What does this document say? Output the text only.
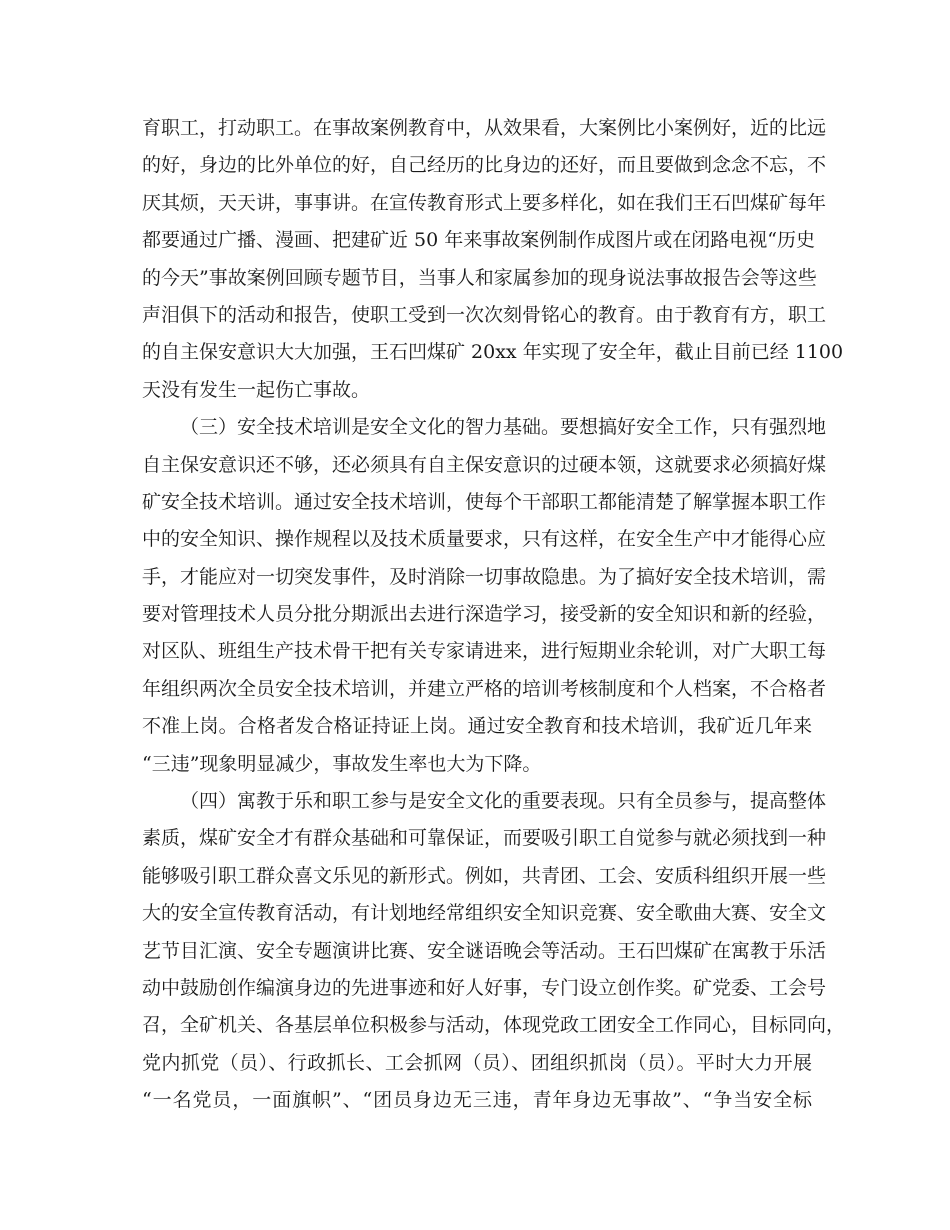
育职工，打动职工。在事故案例教育中，从效果看，大案例比小案例好，近的比远
的好，身边的比外单位的好，自己经历的比身边的还好，而且要做到念念不忘，不
厌其烦，天天讲，事事讲。在宣传教育形式上要多样化，如在我们王石凹煤矿每年
都要通过广播、漫画、把建矿近 50 年来事故案例制作成图片或在闭路电视“历史
的今天”事故案例回顾专题节目，当事人和家属参加的现身说法事故报告会等这些
声泪俱下的活动和报告，使职工受到一次次刻骨铭心的教育。由于教育有方，职工
的自主保安意识大大加强，王石凹煤矿 20xx 年实现了安全年，截止目前已经 1100
天没有发生一起伤亡事故。
（三）安全技术培训是安全文化的智力基础。要想搞好安全工作，只有强烈地
自主保安意识还不够，还必须具有自主保安意识的过硬本领，这就要求必须搞好煤
矿安全技术培训。通过安全技术培训，使每个干部职工都能清楚了解掌握本职工作
中的安全知识、操作规程以及技术质量要求，只有这样，在安全生产中才能得心应
手，才能应对一切突发事件，及时消除一切事故隐患。为了搞好安全技术培训，需
要对管理技术人员分批分期派出去进行深造学习，接受新的安全知识和新的经验，
对区队、班组生产技术骨干把有关专家请进来，进行短期业余轮训，对广大职工每
年组织两次全员安全技术培训，并建立严格的培训考核制度和个人档案，不合格者
不准上岗。合格者发合格证持证上岗。通过安全教育和技术培训，我矿近几年来
“三违”现象明显减少，事故发生率也大为下降。
（四）寓教于乐和职工参与是安全文化的重要表现。只有全员参与，提高整体
素质，煤矿安全才有群众基础和可靠保证，而要吸引职工自觉参与就必须找到一种
能够吸引职工群众喜文乐见的新形式。例如，共青团、工会、安质科组织开展一些
大的安全宣传教育活动，有计划地经常组织安全知识竞赛、安全歌曲大赛、安全文
艺节目汇演、安全专题演讲比赛、安全谜语晚会等活动。王石凹煤矿在寓教于乐活
动中鼓励创作编演身边的先进事迹和好人好事，专门设立创作奖。矿党委、工会号
召，全矿机关、各基层单位积极参与活动，体现党政工团安全工作同心，目标同向，
党内抓党（员）、行政抓长、工会抓网（员）、团组织抓岗（员）。平时大力开展
“一名党员，一面旗帜”、“团员身边无三违，青年身边无事故”、“争当安全标
